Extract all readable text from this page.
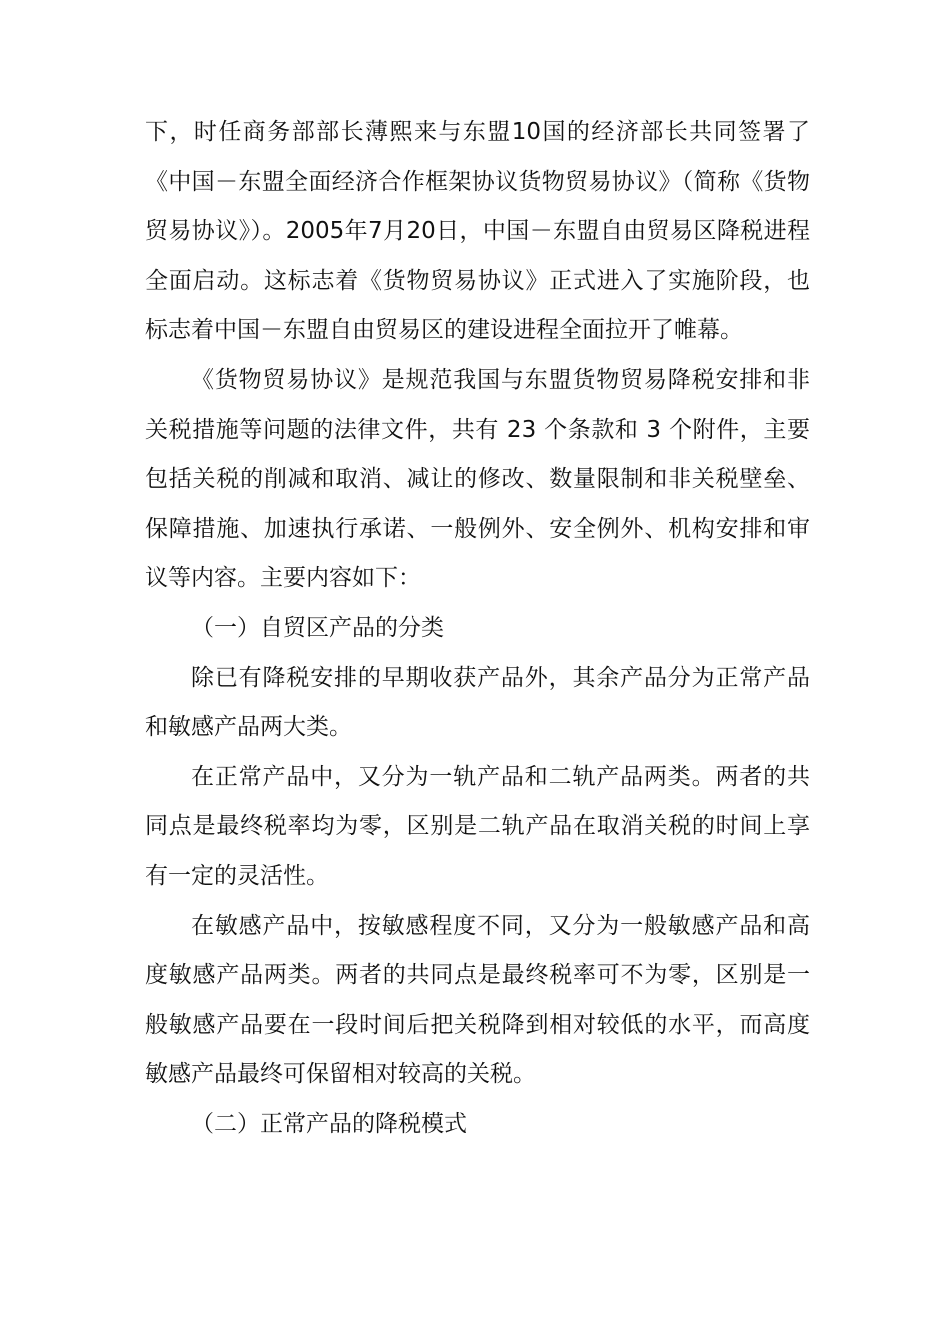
下，时任商务部部长薄熙来与东盟10国的经济部长共同签署了《中国－东盟全面经济合作框架协议货物贸易协议》（简称《货物贸易协议》）。2005年7月20日，中国－东盟自由贸易区降税进程全面启动。这标志着《货物贸易协议》正式进入了实施阶段，也标志着中国－东盟自由贸易区的建设进程全面拉开了帷幕。

《货物贸易协议》是规范我国与东盟货物贸易降税安排和非关税措施等问题的法律文件，共有 23 个条款和 3 个附件，主要包括关税的削减和取消、减让的修改、数量限制和非关税壁垒、保障措施、加速执行承诺、一般例外、安全例外、机构安排和审议等内容。主要内容如下：

（一）自贸区产品的分类

除已有降税安排的早期收获产品外，其余产品分为正常产品和敏感产品两大类。

在正常产品中，又分为一轨产品和二轨产品两类。两者的共同点是最终税率均为零，区别是二轨产品在取消关税的时间上享有一定的灵活性。

在敏感产品中，按敏感程度不同，又分为一般敏感产品和高度敏感产品两类。两者的共同点是最终税率可不为零，区别是一般敏感产品要在一段时间后把关税降到相对较低的水平，而高度敏感产品最终可保留相对较高的关税。

（二）正常产品的降税模式
